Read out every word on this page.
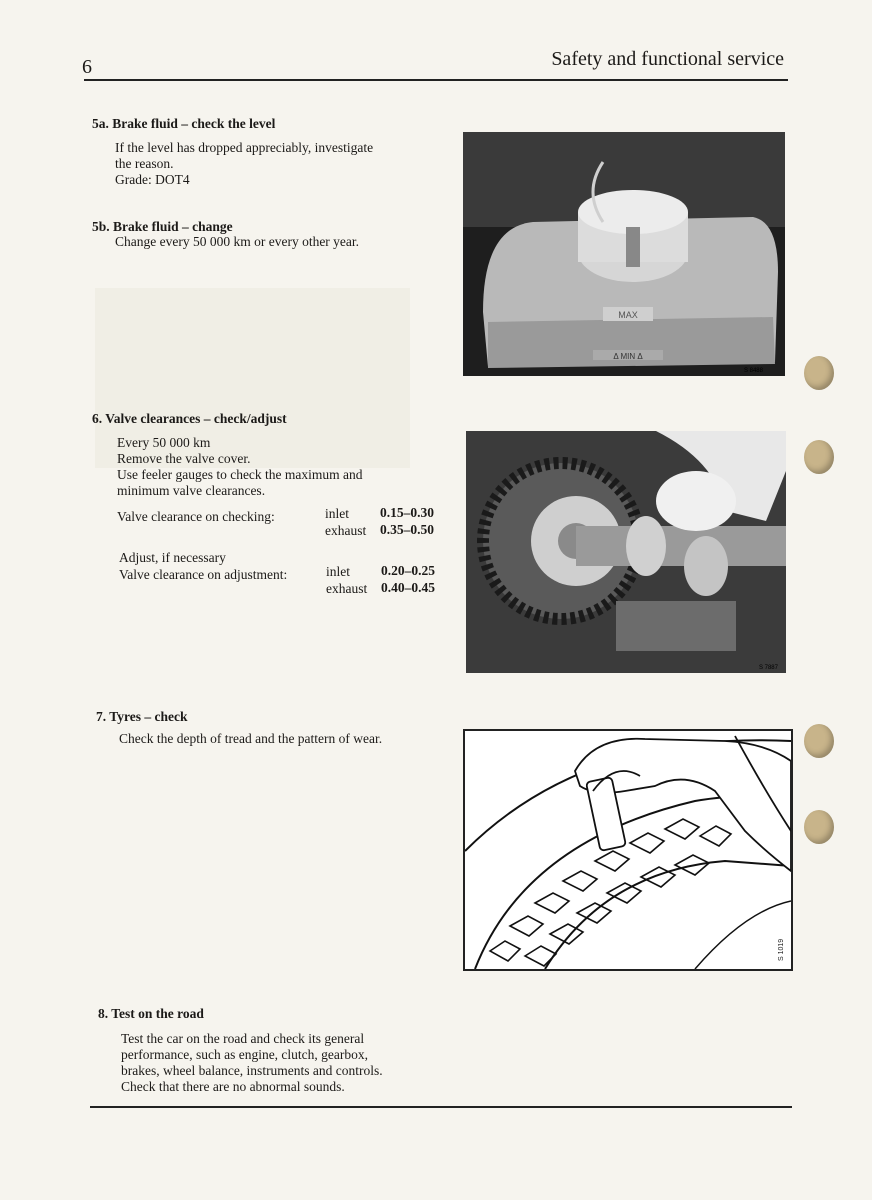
6	Safety and functional service
5a. Brake fluid – check the level
If the level has dropped appreciably, investigate
the reason.
Grade: DOT4
5b. Brake fluid – change
Change every 50 000 km or every other year.
MAX
Δ MIN Δ
S 8488
6. Valve clearances – check/adjust
Every 50 000 km
Remove the valve cover.
Use feeler gauges to check the maximum and
minimum valve clearances.
Valve clearance on checking:	inlet 0.15–0.30
exhaust 0.35–0.50
Adjust, if necessary
Valve clearance on adjustment:	inlet 0.20–0.25
exhaust 0.40–0.45
S 7887
7. Tyres – check
Check the depth of tread and the pattern of wear.
S 1019
8. Test on the road
Test the car on the road and check its general
performance, such as engine, clutch, gearbox,
brakes, wheel balance, instruments and controls.
Check that there are no abnormal sounds.
